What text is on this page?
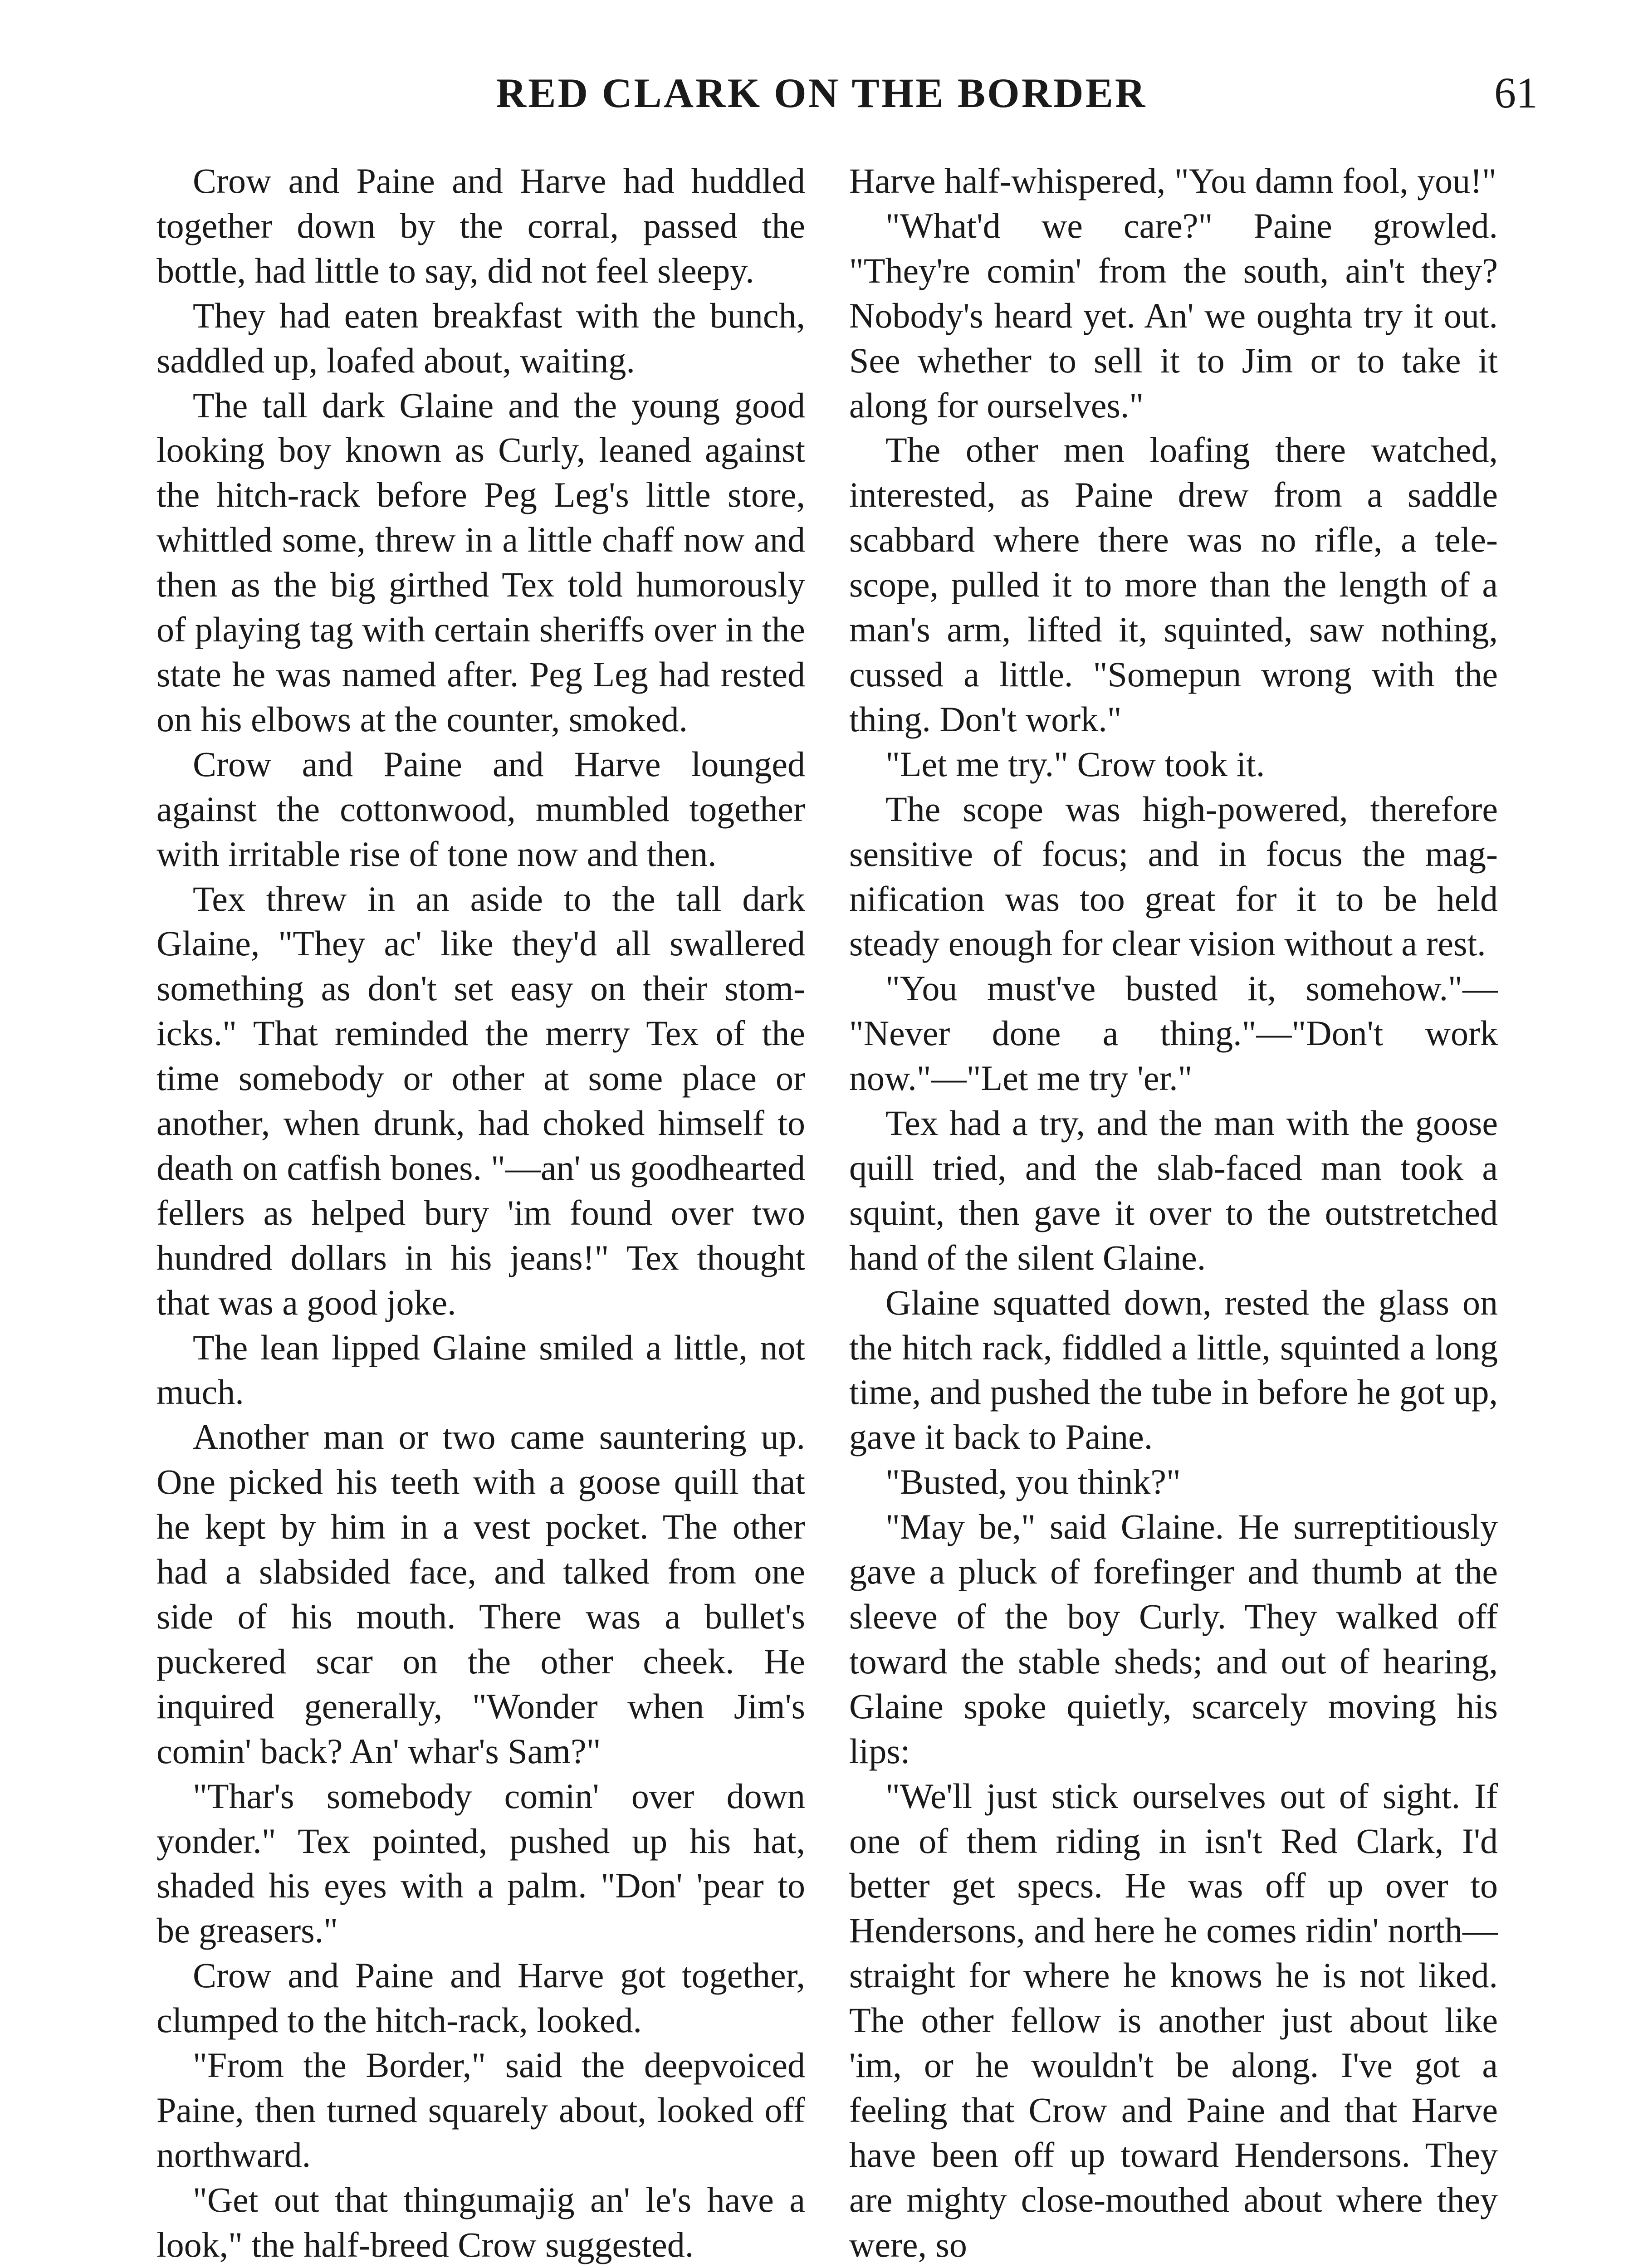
RED CLARK ON THE BORDER	61

Crow and Paine and Harve had huddled together down by the corral, passed the bottle, had little to say, did not feel sleepy.

They had eaten breakfast with the bunch, saddled up, loafed about, waiting.

The tall dark Glaine and the young good looking boy known as Curly, leaned against the hitch-rack before Peg Leg's little store, whittled some, threw in a little chaff now and then as the big girthed Tex told humorously of playing tag with certain sheriffs over in the state he was named after. Peg Leg had rested on his elbows at the counter, smoked.

Crow and Paine and Harve lounged against the cottonwood, mumbled together with irritable rise of tone now and then.

Tex threw in an aside to the tall dark Glaine, "They ac' like they'd all swallered something as don't set easy on their stomicks." That reminded the merry Tex of the time somebody or other at some place or another, when drunk, had choked himself to death on catfish bones. "—an' us goodhearted fellers as helped bury 'im found over two hundred dollars in his jeans!" Tex thought that was a good joke.

The lean lipped Glaine smiled a little, not much.

Another man or two came sauntering up. One picked his teeth with a goose quill that he kept by him in a vest pocket. The other had a slabsided face, and talked from one side of his mouth. There was a bullet's puckered scar on the other cheek. He inquired generally, "Wonder when Jim's comin' back? An' whar's Sam?"

"Thar's somebody comin' over down yonder." Tex pointed, pushed up his hat, shaded his eyes with a palm. "Don' 'pear to be greasers."

Crow and Paine and Harve got together, clumped to the hitch-rack, looked.

"From the Border," said the deepvoiced Paine, then turned squarely about, looked off northward.

"Get out that thingumajig an' le's have a look," the half-breed Crow suggested.

Harve half-whispered, "You damn fool, you!"

"What'd we care?" Paine growled. "They're comin' from the south, ain't they? Nobody's heard yet. An' we oughta try it out. See whether to sell it to Jim or to take it along for ourselves."

The other men loafing there watched, interested, as Paine drew from a saddle scabbard where there was no rifle, a telescope, pulled it to more than the length of a man's arm, lifted it, squinted, saw nothing, cussed a little. "Somepun wrong with the thing. Don't work."

"Let me try." Crow took it.

The scope was high-powered, therefore sensitive of focus; and in focus the magnification was too great for it to be held steady enough for clear vision without a rest.

"You must've busted it, somehow."— "Never done a thing."—"Don't work now."—"Let me try 'er."

Tex had a try, and the man with the goose quill tried, and the slab-faced man took a squint, then gave it over to the outstretched hand of the silent Glaine.

Glaine squatted down, rested the glass on the hitch rack, fiddled a little, squinted a long time, and pushed the tube in before he got up, gave it back to Paine.

"Busted, you think?"

"May be," said Glaine. He surreptitiously gave a pluck of forefinger and thumb at the sleeve of the boy Curly. They walked off toward the stable sheds; and out of hearing, Glaine spoke quietly, scarcely moving his lips:

"We'll just stick ourselves out of sight. If one of them riding in isn't Red Clark, I'd better get specs. He was off up over to Hendersons, and here he comes ridin' north—straight for where he knows he is not liked. The other fellow is another just about like 'im, or he wouldn't be along. I've got a feeling that Crow and Paine and that Harve have been off up toward Hendersons. They are mighty close-mouthed about where they were, so
